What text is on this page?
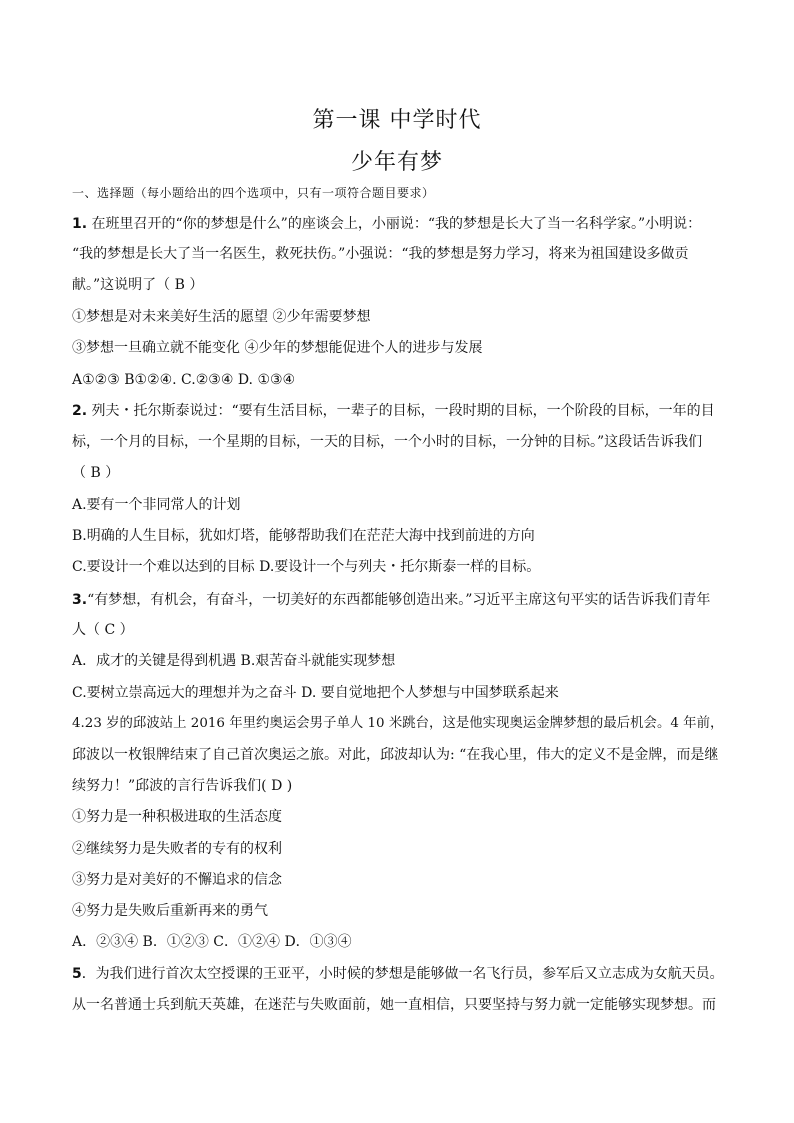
第一课 中学时代
少年有梦
一、选择题（每小题给出的四个选项中，只有一项符合题目要求）
1. 在班里召开的“你的梦想是什么”的座谈会上，小丽说：“我的梦想是长大了当一名科学家。”小明说：
“我的梦想是长大了当一名医生，救死扶伤。”小强说：“我的梦想是努力学习，将来为祖国建设多做贡
献。”这说明了（ B ）
①梦想是对未来美好生活的愿望 ②少年需要梦想
③梦想一旦确立就不能变化 ④少年的梦想能促进个人的进步与发展
A①②③ B①②④. C.②③④ D. ①③④
2. 列夫・托尔斯泰说过：“要有生活目标，一辈子的目标，一段时期的目标，一个阶段的目标，一年的目
标，一个月的目标，一个星期的目标，一天的目标，一个小时的目标，一分钟的目标。”这段话告诉我们
（ B ）
A.要有一个非同常人的计划
B.明确的人生目标，犹如灯塔，能够帮助我们在茫茫大海中找到前进的方向
C.要设计一个难以达到的目标 D.要设计一个与列夫・托尔斯泰一样的目标。
3.“有梦想，有机会，有奋斗，一切美好的东西都能够创造出来。”习近平主席这句平实的话告诉我们青年
人（ C ）
A．成才的关键是得到机遇 B.艰苦奋斗就能实现梦想
C.要树立崇高远大的理想并为之奋斗 D. 要自觉地把个人梦想与中国梦联系起来
4.23 岁的邱波站上 2016 年里约奥运会男子单人 10 米跳台，这是他实现奥运金牌梦想的最后机会。4 年前，
邱波以一枚银牌结束了自己首次奥运之旅。对此，邱波却认为: “在我心里，伟大的定义不是金牌，而是继
续努力！”邱波的言行告诉我们( D )
①努力是一种积极进取的生活态度
②继续努力是失败者的专有的权利
③努力是对美好的不懈追求的信念
④努力是失败后重新再来的勇气
A．②③④ B．①②③ C．①②④ D．①③④
5．为我们进行首次太空授课的王亚平，小时候的梦想是能够做一名飞行员，参军后又立志成为女航天员。
从一名普通士兵到航天英雄，在迷茫与失败面前，她一直相信，只要坚持与努力就一定能够实现梦想。而
